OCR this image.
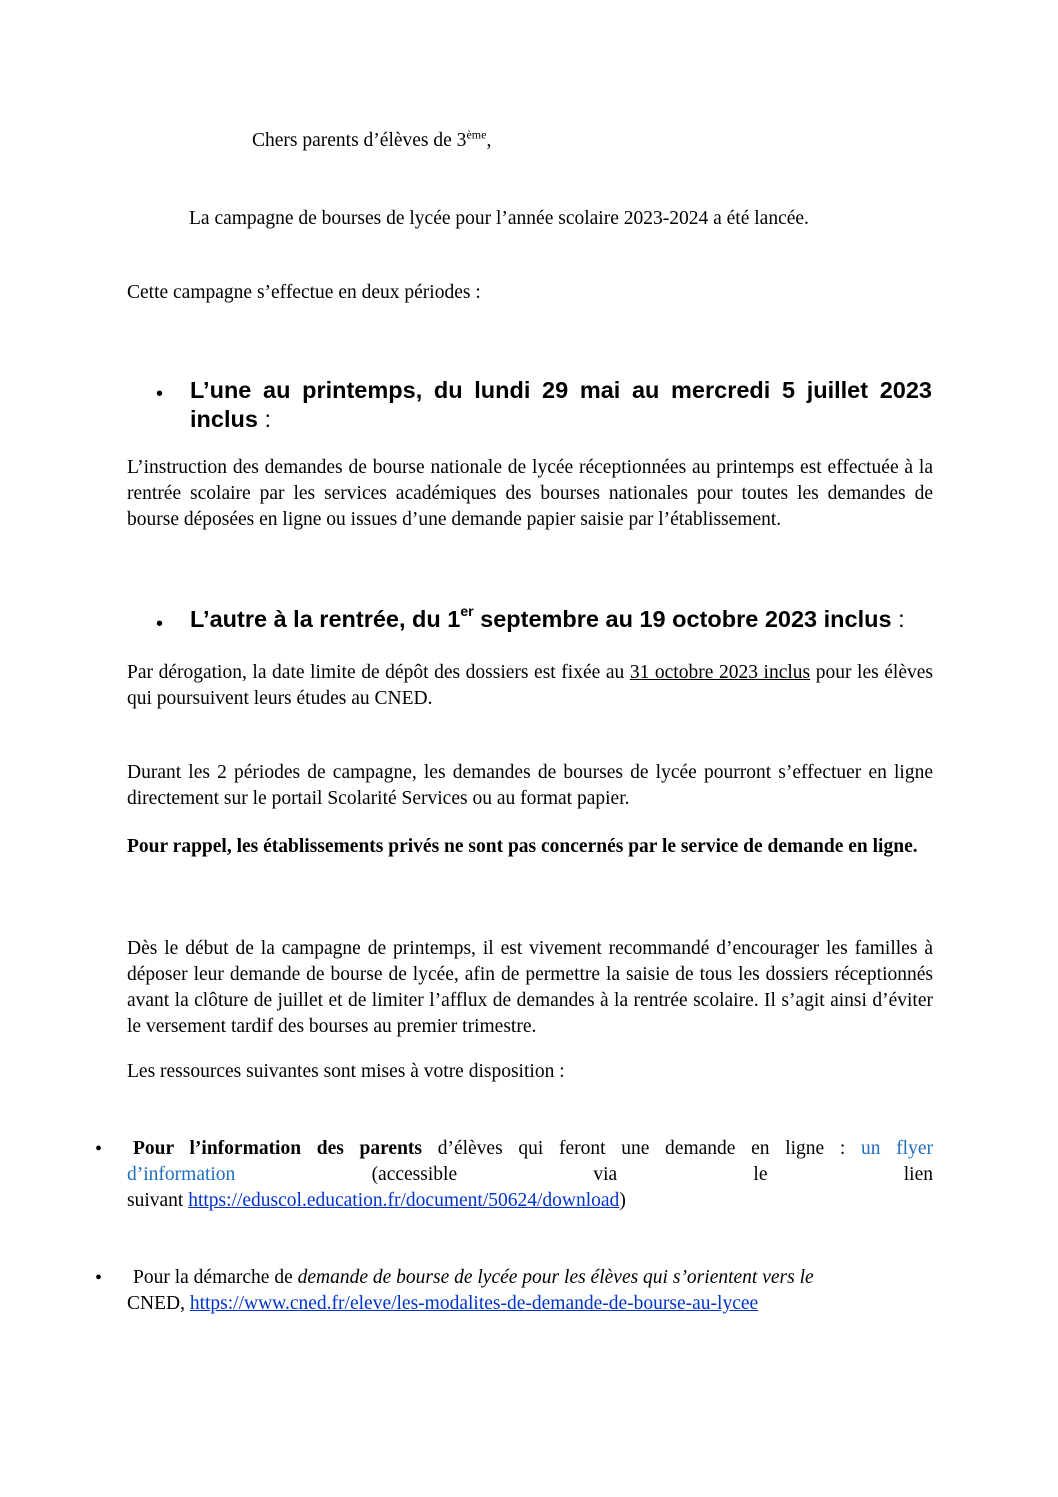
Chers parents d’élèves de 3ème,
La campagne de bourses de lycée pour l’année scolaire 2023-2024 a été lancée.
Cette campagne s’effectue en deux périodes :
• L’une au printemps, du lundi 29 mai au mercredi 5 juillet 2023
inclus :
L’instruction des demandes de bourse nationale de lycée réceptionnées au printemps est effectuée à la rentrée scolaire par les services académiques des bourses nationales pour toutes les demandes de bourse déposées en ligne ou issues d’une demande papier saisie par l’établissement.
• L’autre à la rentrée, du 1er septembre au 19 octobre 2023 inclus :
Par dérogation, la date limite de dépôt des dossiers est fixée au 31 octobre 2023 inclus pour les élèves qui poursuivent leurs études au CNED.
Durant les 2 périodes de campagne, les demandes de bourses de lycée pourront s’effectuer en ligne directement sur le portail Scolarité Services ou au format papier.
Pour rappel, les établissements privés ne sont pas concernés par le service de demande en ligne.
Dès le début de la campagne de printemps, il est vivement recommandé d’encourager les familles à déposer leur demande de bourse de lycée, afin de permettre la saisie de tous les dossiers réceptionnés avant la clôture de juillet et de limiter l’afflux de demandes à la rentrée scolaire. Il s’agit ainsi d’éviter le versement tardif des bourses au premier trimestre.
Les ressources suivantes sont mises à votre disposition :
•	Pour l’information des parents d’élèves qui feront une demande en ligne : un flyer
d’information (accessible via le lien
suivant https://eduscol.education.fr/document/50624/download)
•	Pour la démarche de demande de bourse de lycée pour les élèves qui s’orientent vers le
CNED, https://www.cned.fr/eleve/les-modalites-de-demande-de-bourse-au-lycee
